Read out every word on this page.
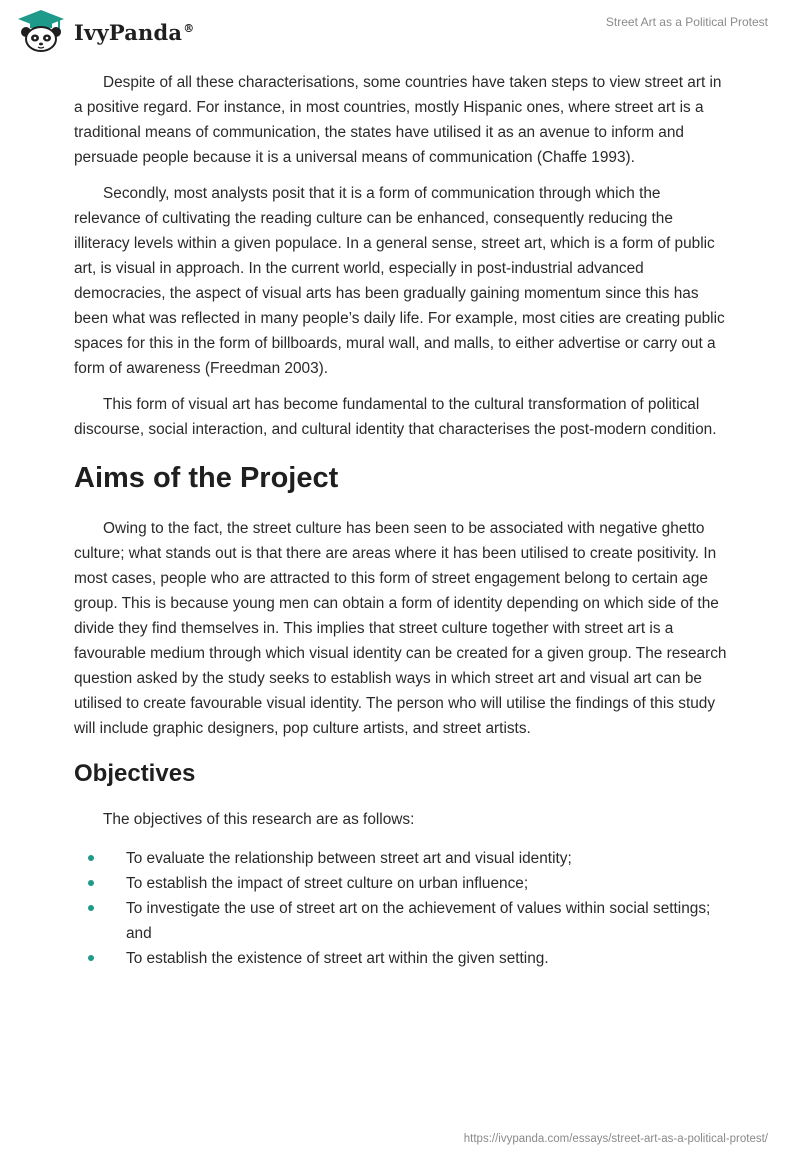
IvyPanda®	Street Art as a Political Protest

Despite of all these characterisations, some countries have taken steps to view street art in a positive regard. For instance, in most countries, mostly Hispanic ones, where street art is a traditional means of communication, the states have utilised it as an avenue to inform and persuade people because it is a universal means of communication (Chaffe 1993).

Secondly, most analysts posit that it is a form of communication through which the relevance of cultivating the reading culture can be enhanced, consequently reducing the illiteracy levels within a given populace. In a general sense, street art, which is a form of public art, is visual in approach. In the current world, especially in post-industrial advanced democracies, the aspect of visual arts has been gradually gaining momentum since this has been what was reflected in many people’s daily life. For example, most cities are creating public spaces for this in the form of billboards, mural wall, and malls, to either advertise or carry out a form of awareness (Freedman 2003).

This form of visual art has become fundamental to the cultural transformation of political discourse, social interaction, and cultural identity that characterises the post-modern condition.

Aims of the Project

Owing to the fact, the street culture has been seen to be associated with negative ghetto culture; what stands out is that there are areas where it has been utilised to create positivity. In most cases, people who are attracted to this form of street engagement belong to certain age group. This is because young men can obtain a form of identity depending on which side of the divide they find themselves in. This implies that street culture together with street art is a favourable medium through which visual identity can be created for a given group. The research question asked by the study seeks to establish ways in which street art and visual art can be utilised to create favourable visual identity. The person who will utilise the findings of this study will include graphic designers, pop culture artists, and street artists.

Objectives

The objectives of this research are as follows:

To evaluate the relationship between street art and visual identity;
To establish the impact of street culture on urban influence;
To investigate the use of street art on the achievement of values within social settings; and
To establish the existence of street art within the given setting.
https://ivypanda.com/essays/street-art-as-a-political-protest/
